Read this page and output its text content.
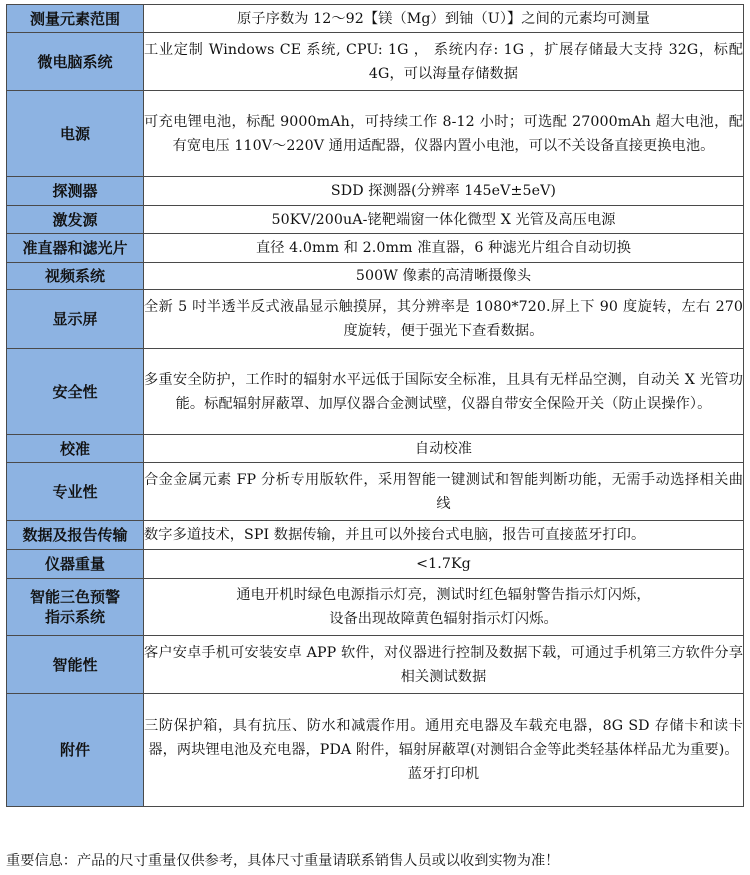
测量元素范围	原子序数为 12～92【镁（Mg）到铀（U）】之间的元素均可测量
微电脑系统	工业定制 Windows CE 系统, CPU: 1G ， 系统内存: 1G ，扩展存储最大支持 32G，标配 4G，可以海量存储数据
电源	可充电锂电池，标配 9000mAh，可持续工作 8-12 小时；可选配 27000mAh 超大电池，配有宽电压 110V～220V 通用适配器，仪器内置小电池，可以不关设备直接更换电池。
探测器	SDD 探测器(分辨率 145eV±5eV)
激发源	50KV/200uA-铑靶端窗一体化微型 X 光管及高压电源
准直器和滤光片	直径 4.0mm 和 2.0mm 准直器，6 种滤光片组合自动切换
视频系统	500W 像素的高清晰摄像头
显示屏	全新 5 吋半透半反式液晶显示触摸屏，其分辨率是 1080*720.屏上下 90 度旋转，左右 270 度旋转，便于强光下查看数据。
安全性	多重安全防护，工作时的辐射水平远低于国际安全标准，且具有无样品空测，自动关 X 光管功能。标配辐射屏蔽罩、加厚仪器合金测试壁，仪器自带安全保险开关（防止误操作）。
校准	自动校准
专业性	合金金属元素 FP 分析专用版软件，采用智能一键测试和智能判断功能，无需手动选择相关曲线
数据及报告传输	数字多道技术，SPI 数据传输，并且可以外接台式电脑，报告可直接蓝牙打印。
仪器重量	<1.7Kg

智能三色预警
指示系统	通电开机时绿色电源指示灯亮，测试时红色辐射警告指示灯闪烁，
设备出现故障黄色辐射指示灯闪烁。

智能性	客户安卓手机可安装安卓 APP 软件，对仪器进行控制及数据下载，可通过手机第三方软件分享相关测试数据
附件	三防保护箱，具有抗压、防水和减震作用。通用充电器及车载充电器，8G SD 存储卡和读卡器，两块锂电池及充电器，PDA 附件，辐射屏蔽罩(对测铝合金等此类轻基体样品尤为重要)。
蓝牙打印机
重要信息：产品的尺寸重量仅供参考，具体尺寸重量请联系销售人员或以收到实物为准！
